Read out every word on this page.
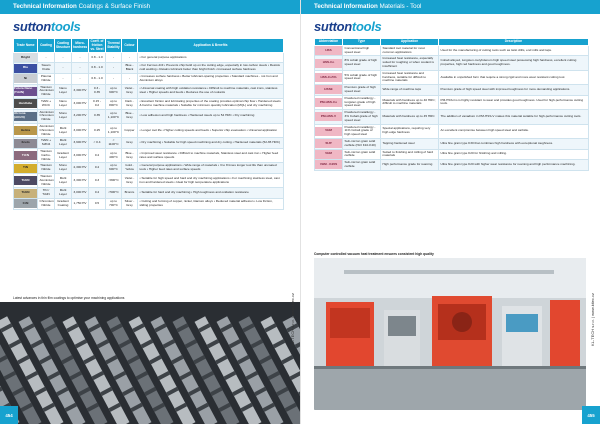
Technical Information Coatings & Surface Finish
suttontools
Trade Name	Coating	Coating Structure	Micro-hardness	Coeff. of friction vs. Steel	Thermal Stability	Colour	Application & Benefits

Bright	-	-	-	0.8 - 1.0	-	-	• For general purpose applications

Blu	Steam Oxide	-	-	0.8 - 1.0	-	Blue - Black	• For Ferrous drill • Prevents chip build up on the cutting edge, especially in low carbon steels • Resists cold welding • Retains lubricant better than bright finish • Increased surface hardness

Ni	Plasma Nitride	-	-	0.8 - 1.0	-	-	• Increases surface hardness • Better lubricant-sparing properties • Standard machines - not Iron and Aluminium alloys

Futura Nano (TiAlN)	Titanium Aluminium Nitride	Nano Layer	3,300 HV	0.3 - 0.35	up to 900°C	Violet - Grey	• Universal coating with high oxidation resistance • Difficult to machine materials, cast irons, stainless steel • Higher speeds and feeds • Reduces the use of coolants

Hardlube	TiAlN + WC/C	Nano Layer	3,000 HV	0.15 - 0.2	up to 800°C	Dark - Grey	• Excellent friction and lubricating properties of the coating provides optimal chip flow • Hardened steels & hard to machine materials • Suitable for minimum quantity lubrication (MQL) and dry machining

Alcrona (AlCrN)	Aluminium Chromium Nitride	Mono Layer	3,200 HV	0.35	up to 1,100°C	Blue - Grey	• Low adhesion and high hardness • Hardened steels up to 54 HRC • Dry machining

Helica	Aluminium Chromium Nitride	Multi Layer	3,000 HV	0.25	up to 1,100°C	Copper	• Longer tool life • Higher cutting speeds and feeds • Superior chip evacuation • Universal application

Xcelo	TiAlN + Si3N4	Multi Layer	3,900 HV	< 0.4	< 1100°C	Grey	• Dry machining • Suitable for high speed machining and dry cutting • Hardened materials (52-65 HRC)

TiCN	Titanium Carbo-Nitride	Gradient Layer	3,000 HV	0.4	up to 400°C	Blue - Grey	• Improved wear resistance • Difficult to machine materials, Stainless steel and cast iron • Higher feed rates and surface speeds

TiN	Titanium Nitride	Mono Layer	2,300 HV	0.4	up to 600°C	Gold - Yellow	• General purpose applications • Wide range of materials • 3 to 8 times longer tool life than uncoated tools • Higher feed rates and surface speeds

TiAlN	Titanium Aluminium Nitride	Multi Layer	3,300 HV	0.3	<800°C	Violet - Grey	• Suitable for high speed and hard and dry machining applications • For machining stainless steel, cast iron and hardened steels • Ideal for high temperature applications

TiAlN	TiN / TiAlN	Multi Layer	3,000 HV	0.4	<500°C	Bronze	• Suitable for hard and dry machining • High toughness and oxidation resistance

CrN	Chromium Nitride	Gradient Coating	1,750 HV	0.5	up to 700°C	Silver - Grey	• Cutting and forming of copper, nickel, titanium alloys • Reduced material adhesion • Low friction, sliding properties
Latest advances in thin film coatings to optimise your machining applications	KL-TECH s.r.o. | www.kltec.cz
454
Technical Information Materials - Tool
suttontools
Abbreviation	Type	Application	Description

HSS	Conventional high speed steel	Standard tool material for most common applications	Used for the manufacturing of cutting tools such as twist drills, end mills and taps.

HSS-Co	8% cobalt grade of high speed steel	Increased heat resistance, especially suited for roughing or when coolant is insufficient	Cobalt alloyed, tungsten-molybdenum high speed steel possessing high hardness, excellent cutting properties, high red hardness and good toughness.

HSS-Co5%	5% cobalt grade of high speed steel	Increased heat resistance and hardness, suitable for difficult to machine materials	Available in unpolished form that require a strong rigid and more wear resistant cutting tool.

HSSE	Premium grade of high speed steel	Wide range of machine taps	Premium grade of high speed steel with improved toughness for more demanding applications.

PM-HSS-Co	Powdered metallurgy - tungsten grade of high speed steel	Materials with hardness up to 40 HRC; difficult to machine materials	PM-HSS-Co is highly resistant to wear and provides good toughness. Used for high-performance cutting tools.

PM-HSS-V	Powdered metallurgy - 3% Cobalt grade of high speed steel	Materials with hardness up to 45 HRC	The addition of vanadium in PM-HSS-V makes this material suitable for high-performance cutting tools.

VHM	Powdered metallurgy - 11% Cobalt grade of high speed steel	Special applications, requiring very high edge hardness	An excellent compromise between high speed steel and carbide.

SUP	Sub-micron grain solid carbide (ISO K10-K40)	Tapping hardened steel	Ultra fine grain type K30 that combines high hardness with exceptional toughness.

VHM	Sub-micron grain solid carbide	Suited to finishing and milling of hard materials	Ultra fine grain type K20 for finishing and milling.

VHM - K20S	Sub-micron grain solid carbide	High performance grade for reaming	Ultra fine grain type K20 with higher wear resistance for reaming and high performance machining.
Computer controlled vacuum heat treatment ensures consistent high quality
KL-TECH s.r.o. | www.kltec.cz
455
